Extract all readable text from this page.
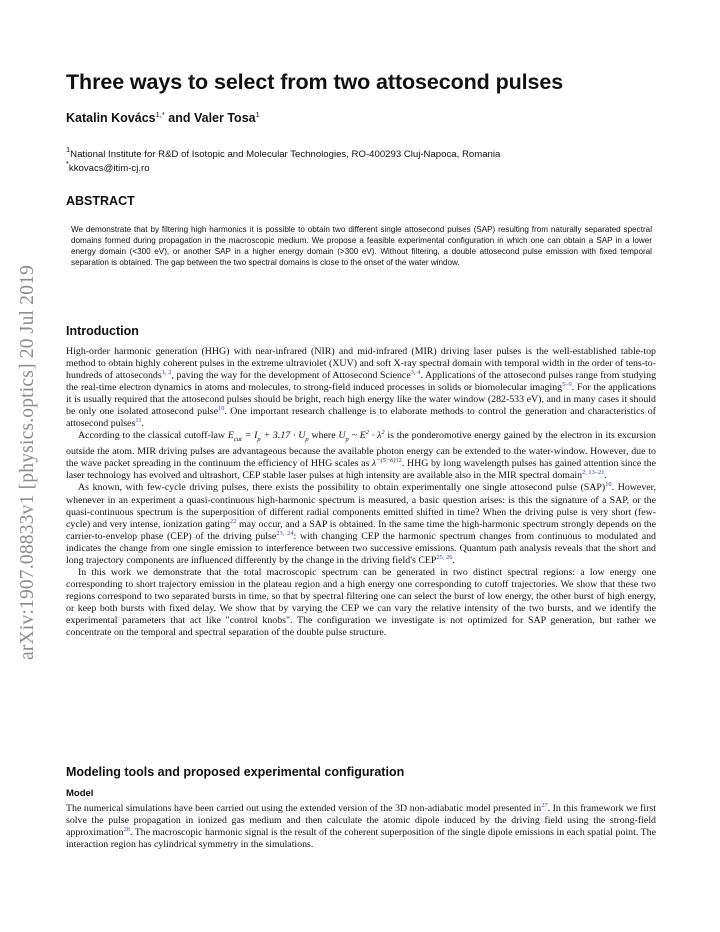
arXiv:1907.08833v1 [physics.optics] 20 Jul 2019
Three ways to select from two attosecond pulses
Katalin Kovács$^{1,*}$ and Valer Tosa$^1$
$^1$National Institute for R&D of Isotopic and Molecular Technologies, RO-400293 Cluj-Napoca, Romania
*kkovacs@itim-cj.ro
ABSTRACT

We demonstrate that by filtering high harmonics it is possible to obtain two different single attosecond pulses (SAP) resulting from naturally separated spectral domains formed during propagation in the macroscopic medium. We propose a feasible experimental configuration in which one can obtain a SAP in a lower energy domain (<300 eV), or another SAP in a higher energy domain (>300 eV). Without filtering, a double attosecond pulse emission with fixed temporal separation is obtained. The gap between the two spectral domains is close to the onset of the water window.

Introduction

High-order harmonic generation (HHG) with near-infrared (NIR) and mid-infrared (MIR) driving laser pulses is the well-established table-top method to obtain highly coherent pulses in the extreme ultraviolet (XUV) and soft X-ray spectral domain with temporal width in the order of tens-to-hundreds of attoseconds$^{1, 2}$, paving the way for the development of Attosecond Science$^{3, 4}$. Applications of the attosecond pulses range from studying the real-time electron dynamics in atoms and molecules, to strong-field induced processes in solids or biomolecular imaging$^{5-9}$. For the applications it is usually required that the attosecond pulses should be bright, reach high energy like the water window (282-533 eV), and in many cases it should be only one isolated attosecond pulse$^{10}$. One important research challenge is to elaborate methods to control the generation and characteristics of attosecond pulses$^{11}$.

According to the classical cutoff-law $E_{cut} = I_p + 3.17 \cdot U_p$ where $U_p$ ~ $E^2 \cdot \lambda^2$ is the ponderomotive energy gained by the electron in its excursion outside the atom. MIR driving pulses are advantageous because the available photon energy can be extended to the water-window. However, due to the wave packet spreading in the continuum the efficiency of HHG scales as λ$^{-(5-6)12}$. HHG by long wavelength pulses has gained attention since the laser technology has evolved and ultrashort, CEP stable laser pulses at high intensity are available also in the MIR spectral domain$^{2, 13-21}$.

As known, with few-cycle driving pulses, there exists the possibility to obtain experimentally one single attosecond pulse (SAP)$^{10}$. However, whenever in an experiment a quasi-continuous high-harmonic spectrum is measured, a basic question arises: is this the signature of a SAP, or the quasi-continuous spectrum is the superposition of different radial components emitted shifted in time? When the driving pulse is very short (few-cycle) and very intense, ionization gating$^{22}$ may occur, and a SAP is obtained. In the same time the high-harmonic spectrum strongly depends on the carrier-to-envelop phase (CEP) of the driving pulse$^{23, 24}$: with changing CEP the harmonic spectrum changes from continuous to modulated and indicates the change from one single emission to interference between two successive emissions. Quantum path analysis reveals that the short and long trajectory components are influenced differently by the change in the driving field's CEP$^{25, 26}$.

In this work we demonstrate that the total macroscopic spectrum can be generated in two distinct spectral regions: a low energy one corresponding to short trajectory emission in the plateau region and a high energy one corresponding to cutoff trajectories. We show that these two regions correspond to two separated bursts in time, so that by spectral filtering one can select the burst of low energy, the other burst of high energy, or keep both bursts with fixed delay. We show that by varying the CEP we can vary the relative intensity of the two bursts, and we identify the experimental parameters that act like "control knobs". The configuration we investigate is not optimized for SAP generation, but rather we concentrate on the temporal and spectral separation of the double pulse structure.

Modeling tools and proposed experimental configuration
Model

The numerical simulations have been carried out using the extended version of the 3D non-adiabatic model presented in$^{27}$. In this framework we first solve the pulse propagation in ionized gas medium and then calculate the atomic dipole induced by the driving field using the strong-field approximation$^{28}$. The macroscopic harmonic signal is the result of the coherent superposition of the single dipole emissions in each spatial point. The interaction region has cylindrical symmetry in the simulations.
